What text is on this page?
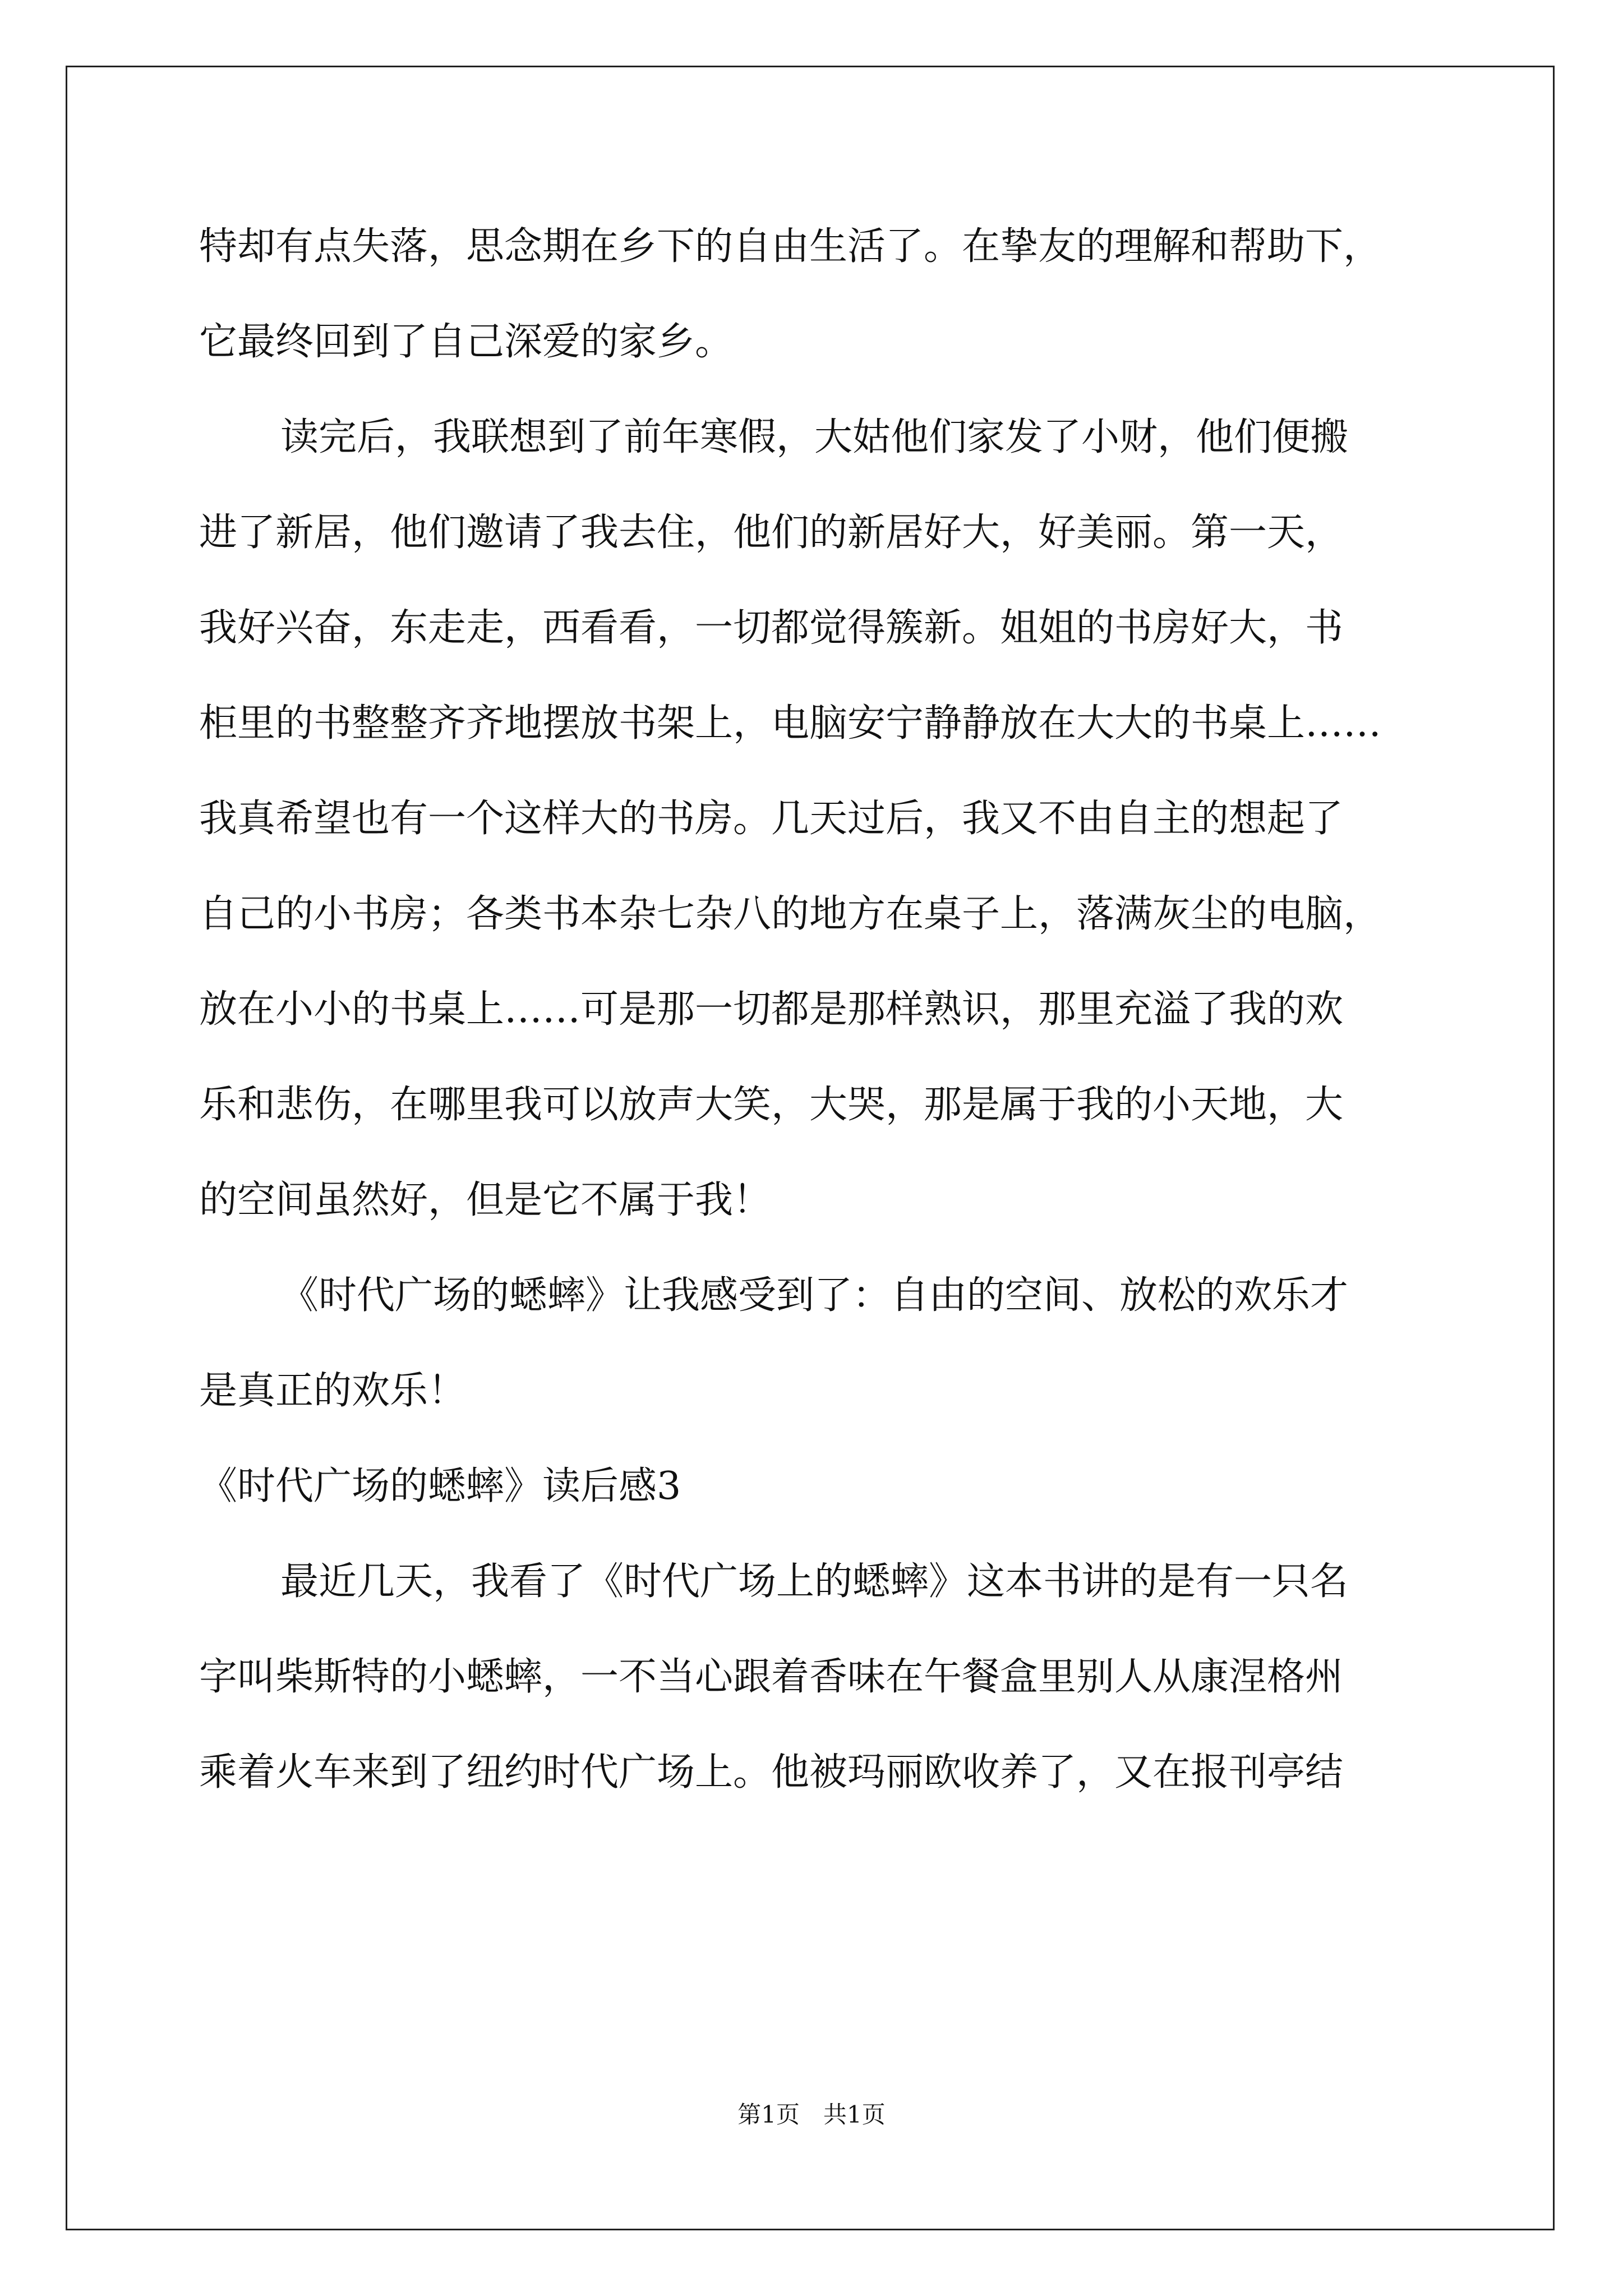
特却有点失落，思念期在乡下的自由生活了。在挚友的理解和帮助下，
它最终回到了自己深爱的家乡。
读完后，我联想到了前年寒假，大姑他们家发了小财，他们便搬
进了新居，他们邀请了我去住，他们的新居好大，好美丽。第一天，
我好兴奋，东走走，西看看，一切都觉得簇新。姐姐的书房好大，书
柜里的书整整齐齐地摆放书架上，电脑安宁静静放在大大的书桌上……
我真希望也有一个这样大的书房。几天过后，我又不由自主的想起了
自己的小书房；各类书本杂七杂八的地方在桌子上，落满灰尘的电脑，
放在小小的书桌上……可是那一切都是那样熟识，那里充溢了我的欢
乐和悲伤，在哪里我可以放声大笑，大哭，那是属于我的小天地，大
的空间虽然好，但是它不属于我！
《时代广场的蟋蟀》让我感受到了：自由的空间、放松的欢乐才
是真正的欢乐！
《时代广场的蟋蟀》读后感3
最近几天，我看了《时代广场上的蟋蟀》这本书讲的是有一只名
字叫柴斯特的小蟋蟀，一不当心跟着香味在午餐盒里别人从康涅格州
乘着火车来到了纽约时代广场上。他被玛丽欧收养了，又在报刊亭结
第1页　共1页
